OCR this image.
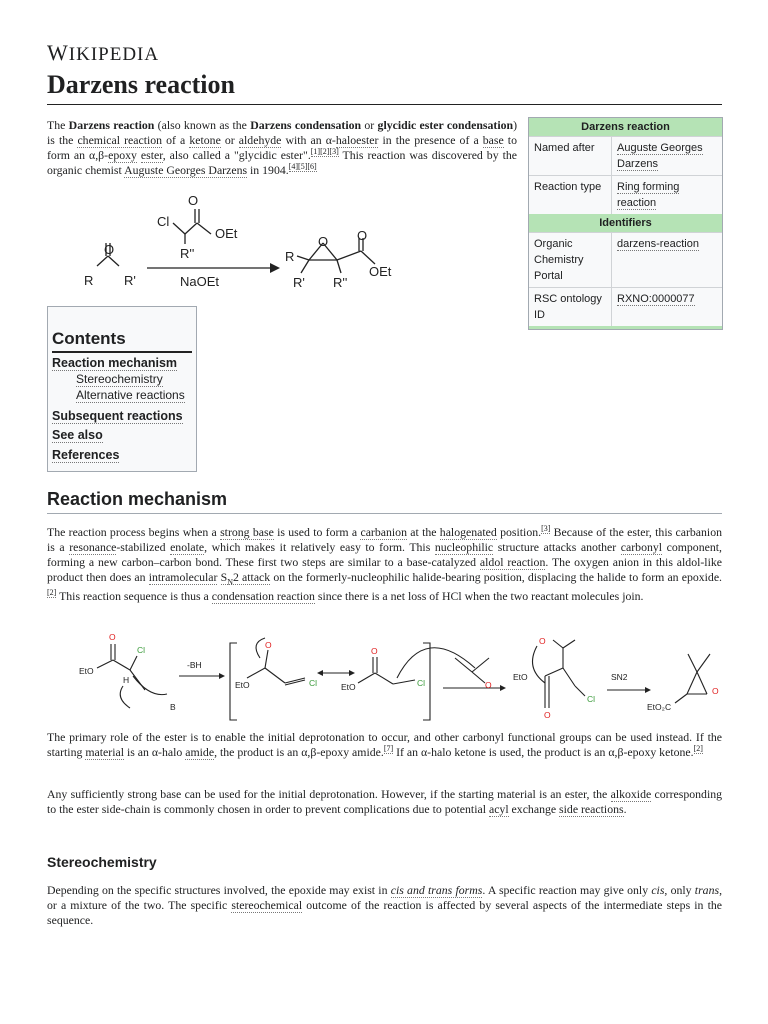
WIKIPEDIA
Darzens reaction
The Darzens reaction (also known as the Darzens condensation or glycidic ester condensation) is the chemical reaction of a ketone or aldehyde with an α-haloester in the presence of a base to form an α,β-epoxy ester, also called a "glycidic ester".[1][2][3] This reaction was discovered by the organic chemist Auguste Georges Darzens in 1904.[4][5][6]
Cl
OEt
R''
O
R R'	NaOEt
R
R' R''
O O
OEt
O
Darzens reaction
Named after	Auguste Georges Darzens
Reaction type	Ring forming reaction
Identifiers
Organic Chemistry Portal	darzens-reaction
RSC ontology ID	RXNO:0000077
Contents
Reaction mechanism
Stereochemistry
Alternative reactions
Subsequent reactions
See also
References
Reaction mechanism
The reaction process begins when a strong base is used to form a carbanion at the halogenated position.[3] Because of the ester, this carbanion is a resonance-stabilized enolate, which makes it relatively easy to form. This nucleophilic structure attacks another carbonyl component, forming a new carbon–carbon bond. These first two steps are similar to a base-catalyzed aldol reaction. The oxygen anion in this aldol-like product then does an intramolecular $S_N2$ attack on the formerly-nucleophilic halide-bearing position, displacing the halide to form an epoxide.[2] This reaction sequence is thus a condensation reaction since there is a net loss of HCl when the two reactant molecules join.
EtO
Cl
H
B
-BH
EtO	Cl	EtO	Cl
EtO
Cl
SN2
EtO₂C
O
O
O
O
O
O
O
The primary role of the ester is to enable the initial deprotonation to occur, and other carbonyl functional groups can be used instead. If the starting material is an α-halo amide, the product is an α,β-epoxy amide.[7] If an α-halo ketone is used, the product is an α,β-epoxy ketone.[2]
Any sufficiently strong base can be used for the initial deprotonation. However, if the starting material is an ester, the alkoxide corresponding to the ester side-chain is commonly chosen in order to prevent complications due to potential acyl exchange side reactions.
Stereochemistry
Depending on the specific structures involved, the epoxide may exist in cis and trans forms. A specific reaction may give only cis, only trans, or a mixture of the two. The specific stereochemical outcome of the reaction is affected by several aspects of the intermediate steps in the sequence.
